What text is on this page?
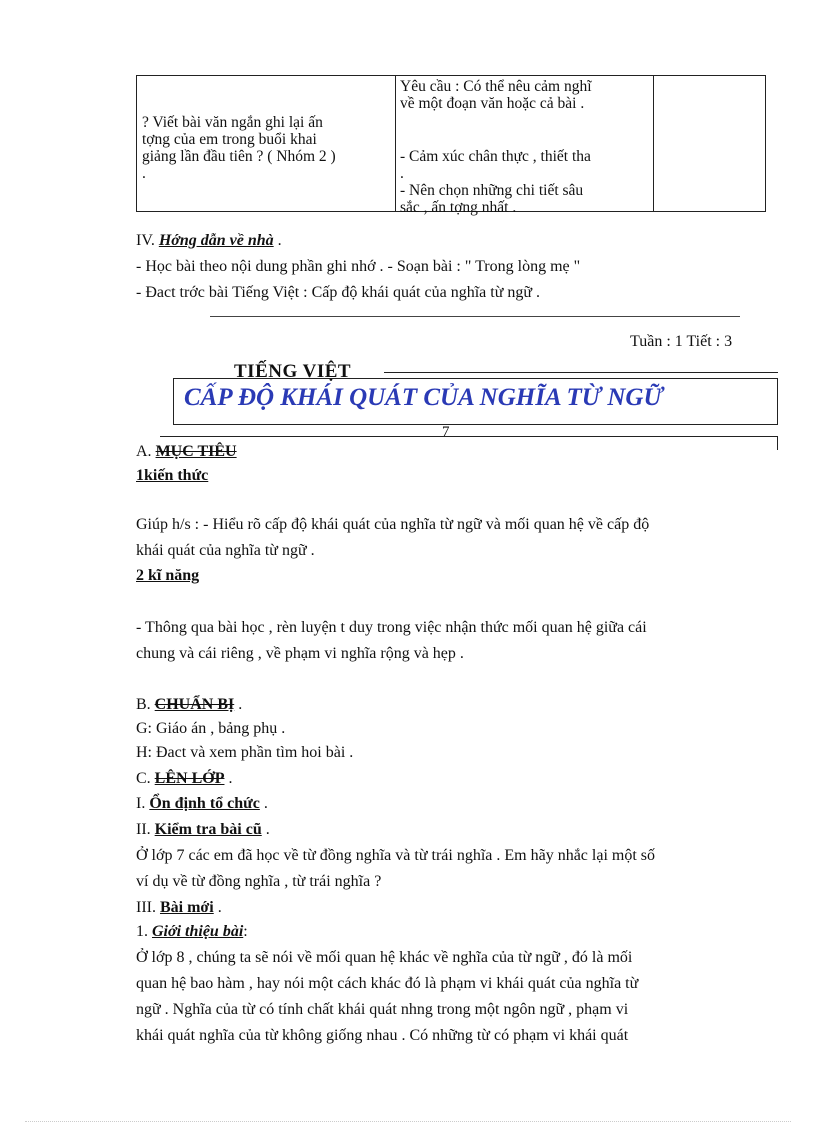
? Viết bài văn ngắn ghi lại ấn
tợng của em trong buổi khai
giảng lần đầu tiên ? ( Nhóm 2 )
.
Yêu cầu : Có thể nêu cảm nghĩ
về một đoạn văn hoặc cả bài .
- Cảm xúc chân thực , thiết tha
.
- Nên chọn những chi tiết sâu
sắc , ấn tợng nhất .
IV. Hớng dẫn về nhà .
- Học bài theo nội dung phần ghi nhớ . - Soạn bài : " Trong lòng mẹ "
- Đact trớc bài Tiếng Việt : Cấp độ khái quát của nghĩa từ ngữ .
Tuần : 1 Tiết : 3
TIẾNG VIỆT
CẤP ĐỘ KHÁI QUÁT CỦA NGHĨA TỪ NGỮ
7
A. MỤC TIÊU
1kiến thức
Giúp h/s : - Hiểu rõ cấp độ khái quát của nghĩa từ ngữ và mối quan hệ về cấp độ
khái quát của nghĩa từ ngữ .
2 kĩ năng
- Thông qua bài học , rèn luyện t duy trong việc nhận thức mối quan hệ giữa cái
chung và cái riêng , về phạm vi nghĩa rộng và hẹp .
B. CHUẨN BỊ .
G: Giáo án , bảng phụ .
H: Đact và xem phần tìm hoi bài .
C. LÊN LỚP .
I. Ổn định tổ chức .
II. Kiểm tra bài cũ .
Ở lớp 7 các em đã học về từ đồng nghĩa và từ trái nghĩa . Em hãy nhắc lại một số
ví dụ về từ đồng nghĩa , từ trái nghĩa ?
III. Bài mới .
1. Giới thiệu bài:
Ở lớp 8 , chúng ta sẽ nói về mối quan hệ khác về nghĩa của từ ngữ , đó là mối
quan hệ bao hàm , hay nói một cách khác đó là phạm vi khái quát của nghĩa từ
ngữ . Nghĩa của từ có tính chất khái quát nhng trong một ngôn ngữ , phạm vi
khái quát nghĩa của từ không giống nhau . Có những từ có phạm vi khái quát
